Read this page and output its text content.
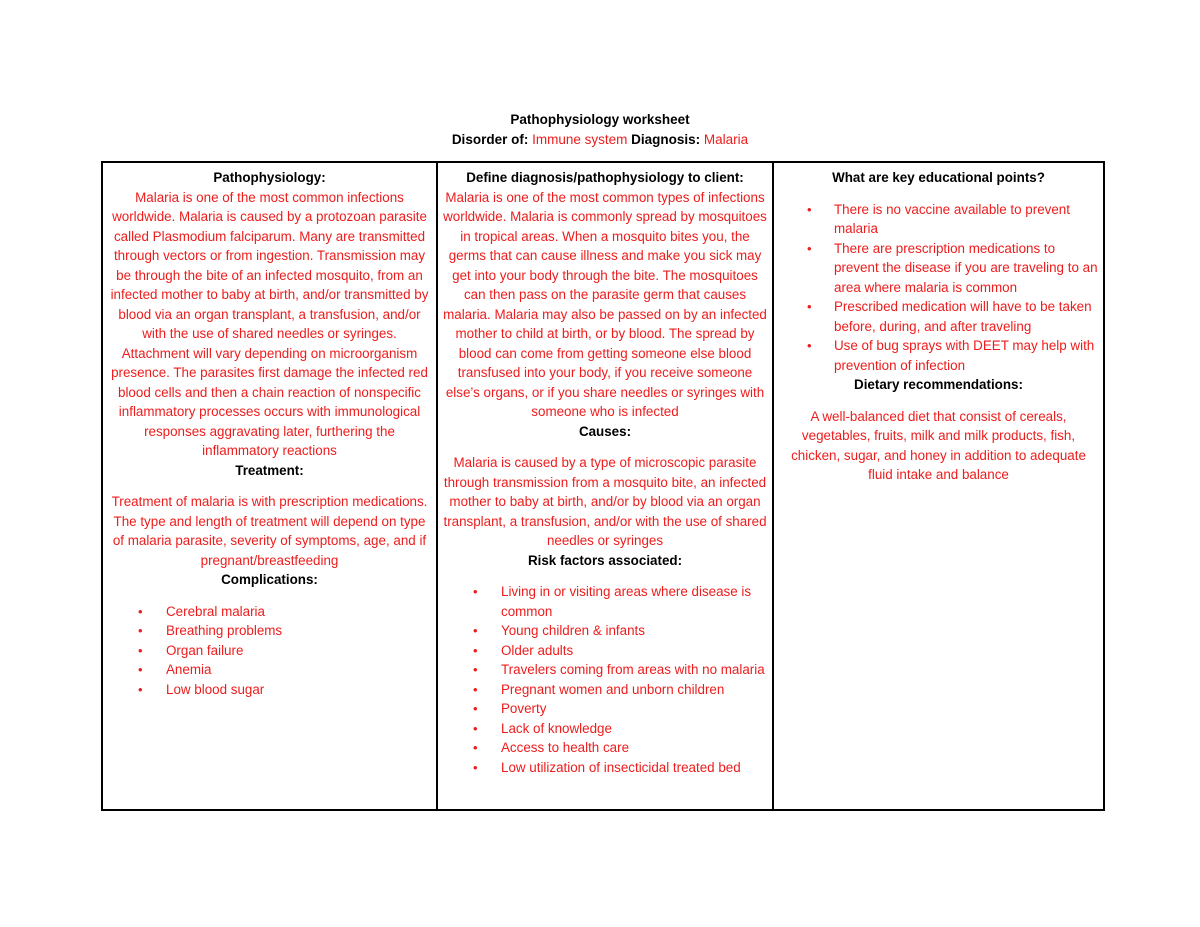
Pathophysiology worksheet
Disorder of: Immune system Diagnosis: Malaria
Pathophysiology:
Malaria is one of the most common infections worldwide. Malaria is caused by a protozoan parasite called Plasmodium falciparum. Many are transmitted through vectors or from ingestion. Transmission may be through the bite of an infected mosquito, from an infected mother to baby at birth, and/or transmitted by blood via an organ transplant, a transfusion, and/or with the use of shared needles or syringes. Attachment will vary depending on microorganism presence. The parasites first damage the infected red blood cells and then a chain reaction of nonspecific inflammatory processes occurs with immunological responses aggravating later, furthering the inflammatory reactions
Treatment:
Treatment of malaria is with prescription medications. The type and length of treatment will depend on type of malaria parasite, severity of symptoms, age, and if pregnant/breastfeeding
Complications:
• Cerebral malaria
• Breathing problems
• Organ failure
• Anemia
• Low blood sugar
Define diagnosis/pathophysiology to client:
Malaria is one of the most common types of infections worldwide. Malaria is commonly spread by mosquitoes in tropical areas. When a mosquito bites you, the germs that can cause illness and make you sick may get into your body through the bite. The mosquitoes can then pass on the parasite germ that causes malaria. Malaria may also be passed on by an infected mother to child at birth, or by blood. The spread by blood can come from getting someone else blood transfused into your body, if you receive someone else’s organs, or if you share needles or syringes with someone who is infected
Causes:
Malaria is caused by a type of microscopic parasite through transmission from a mosquito bite, an infected mother to baby at birth, and/or by blood via an organ transplant, a transfusion, and/or with the use of shared needles or syringes
Risk factors associated:
• Living in or visiting areas where disease is common
• Young children & infants
• Older adults
• Travelers coming from areas with no malaria
• Pregnant women and unborn children
• Poverty
• Lack of knowledge
• Access to health care
• Low utilization of insecticidal treated bed
What are key educational points?
• There is no vaccine available to prevent malaria
• There are prescription medications to prevent the disease if you are traveling to an area where malaria is common
• Prescribed medication will have to be taken before, during, and after traveling
• Use of bug sprays with DEET may help with prevention of infection
Dietary recommendations:
A well-balanced diet that consist of cereals, vegetables, fruits, milk and milk products, fish, chicken, sugar, and honey in addition to adequate fluid intake and balance
